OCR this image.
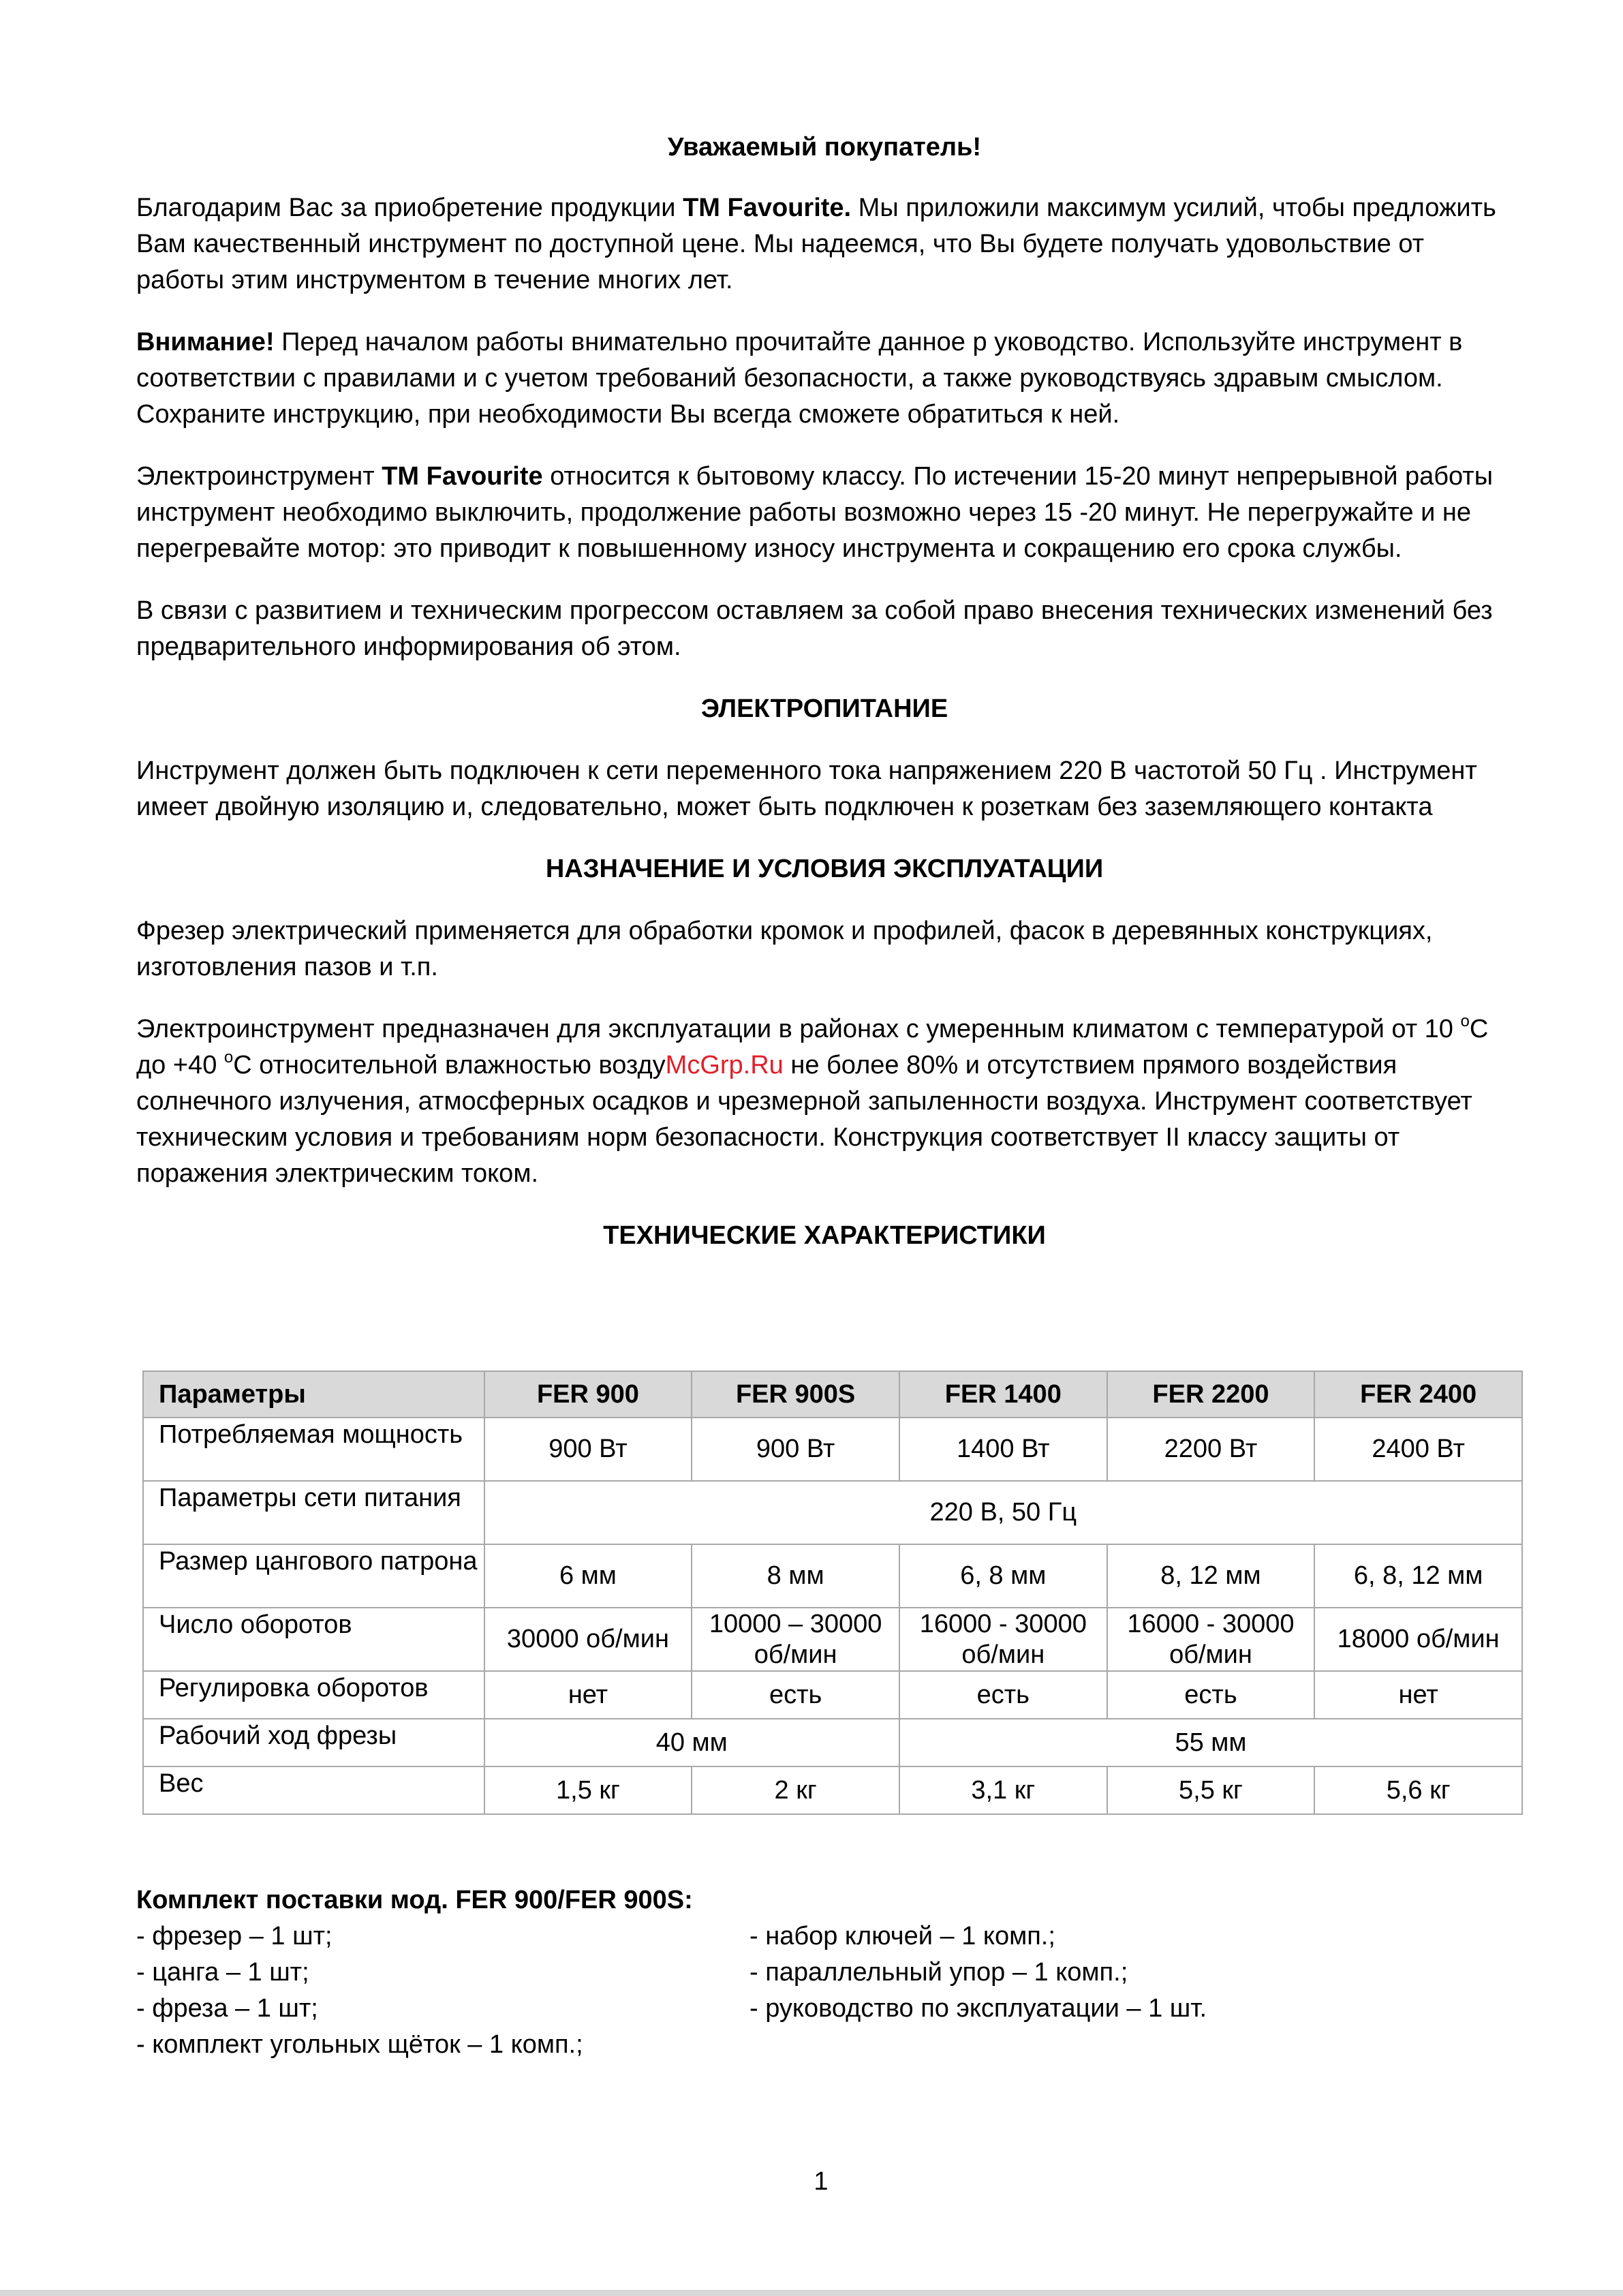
Уважаемый покупатель!

Благодарим Вас за приобретение продукции TM Favourite. Мы приложили максимум усилий, чтобы предложить Вам качественный инструмент по доступной цене. Мы надеемся, что Вы будете получать удовольствие от работы этим инструментом в течение многих лет.

Внимание! Перед началом работы внимательно прочитайте данное р уководство. Используйте инструмент в соответствии с правилами и с учетом требований безопасности, а также руководствуясь здравым смыслом. Сохраните инструкцию, при необходимости Вы всегда сможете обратиться к ней.

Электроинструмент TM Favourite относится к бытовому классу. По истечении 15-20 минут непрерывной работы инструмент необходимо выключить, продолжение работы возможно через 15 -20 минут. Не перегружайте и не перегревайте мотор: это приводит к повышенному износу инструмента и сокращению его срока службы.

В связи с развитием и техническим прогрессом оставляем за собой право внесения технических изменений без предварительного информирования об этом.

ЭЛЕКТРОПИТАНИЕ

Инструмент должен быть подключен к сети переменного тока напряжением 220 В частотой 50 Гц . Инструмент имеет двойную изоляцию и, следовательно, может быть подключен к розеткам без заземляющего контакта

НАЗНАЧЕНИЕ И УСЛОВИЯ ЭКСПЛУАТАЦИИ

Фрезер электрический применяется для обработки кромок и профилей, фасок в деревянных конструкциях, изготовления пазов и т.п.

Электроинструмент предназначен для эксплуатации в районах с умеренным климатом с температурой от 10 $^o$С до +40 $^o$С относительной влажностью воздуMcGrp.Ru не более 80% и отсутствием прямого воздействия солнечного излучения, атмосферных осадков и чрезмерной запыленности воздуха. Инструмент соответствует техническим условия и требованиям норм безопасности. Конструкция соответствует II классу защиты от поражения электрическим током.

ТЕХНИЧЕСКИЕ ХАРАКТЕРИСТИКИ

Параметры	FER 900	FER 900S	FER 1400	FER 2200	FER 2400
Потребляемая мощность	900 Вт	900 Вт	1400 Вт	2200 Вт	2400 Вт
Параметры сети питания	220 В, 50 Гц				
Размер цангового патрона	6 мм	8 мм	6, 8 мм	8, 12 мм	6, 8, 12 мм
Число оборотов	30000 об/мин	10000 – 30000 об/мин	16000 - 30000 об/мин	16000 - 30000 об/мин	18000 об/мин
Регулировка оборотов	нет	есть	есть	есть	нет
Рабочий ход фрезы	40 мм		55 мм		
Вес	1,5 кг	2 кг	3,1 кг	5,5 кг	5,6 кг
Комплект поставки мод. FER 900/FER 900S:
- фрезер – 1 шт;
- цанга – 1 шт;
- фреза – 1 шт;
- комплект угольных щёток – 1 комп.;
- набор ключей – 1 комп.;
- параллельный упор – 1 комп.;
- руководство по эксплуатации – 1 шт.
1
